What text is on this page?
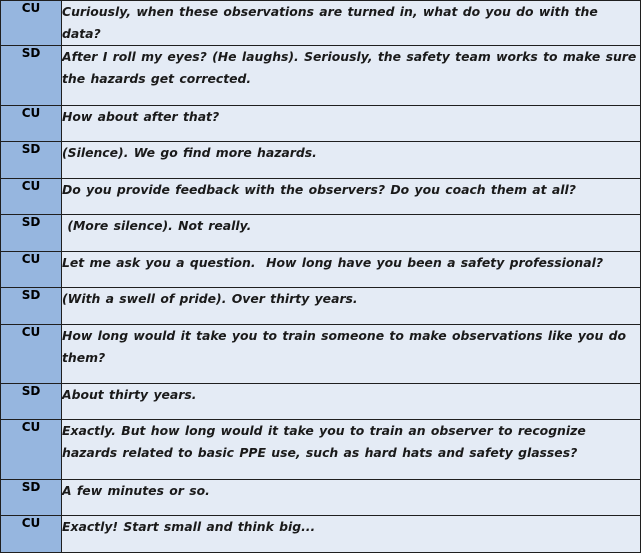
CU	Curiously, when these observations are turned in, what do you do with the data?
SD	After I roll my eyes? (He laughs). Seriously, the safety team works to make sure the hazards get corrected.
CU	How about after that?
SD	(Silence). We go find more hazards.
CU	Do you provide feedback with the observers? Do you coach them at all?
SD	(More silence). Not really.
CU	Let me ask you a question.  How long have you been a safety professional?
SD	(With a swell of pride). Over thirty years.
CU	How long would it take you to train someone to make observations like you do them?
SD	About thirty years.
CU	Exactly. But how long would it take you to train an observer to recognize hazards related to basic PPE use, such as hard hats and safety glasses?
SD	A few minutes or so.
CU	Exactly! Start small and think big...
